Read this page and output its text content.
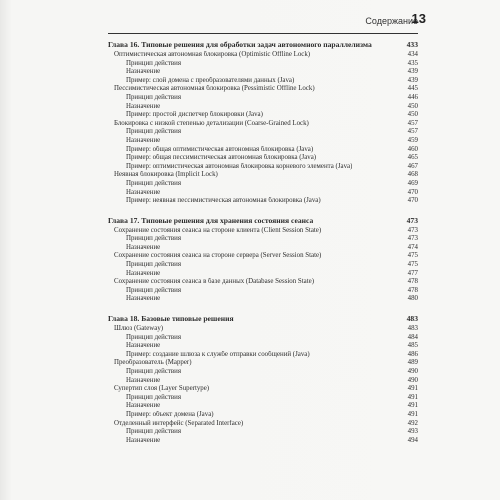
Содержание
13
Глава 16. Типовые решения для обработки задач автономного параллелизма	433
Оптимистическая автономная блокировка (Optimistic Offline Lock)	434
Принцип действия	435
Назначение	439
Пример: слой домена с преобразователями данных (Java)	439
Пессимистическая автономная блокировка (Pessimistic Offline Lock)	445
Принцип действия	446
Назначение	450
Пример: простой диспетчер блокировки (Java)	450
Блокировка с низкой степенью детализации (Coarse-Grained Lock)	457
Принцип действия	457
Назначение	459
Пример: общая оптимистическая автономная блокировка (Java)	460
Пример: общая пессимистическая автономная блокировка (Java)	465
Пример: оптимистическая автономная блокировка корневого элемента (Java)	467
Неявная блокировка (Implicit Lock)	468
Принцип действия	469
Назначение	470
Пример: неявная пессимистическая автономная блокировка (Java)	470
Глава 17. Типовые решения для хранения состояния сеанса	473
Сохранение состояния сеанса на стороне клиента (Client Session State)	473
Принцип действия	473
Назначение	474
Сохранение состояния сеанса на стороне сервера (Server Session State)	475
Принцип действия	475
Назначение	477
Сохранение состояния сеанса в базе данных (Database Session State)	478
Принцип действия	478
Назначение	480
Глава 18. Базовые типовые решения	483
Шлюз (Gateway)	483
Принцип действия	484
Назначение	485
Пример: создание шлюза к службе отправки сообщений (Java)	486
Преобразователь (Mapper)	489
Принцип действия	490
Назначение	490
Супертип слоя (Layer Supertype)	491
Принцип действия	491
Назначение	491
Пример: объект домена (Java)	491
Отделенный интерфейс (Separated Interface)	492
Принцип действия	493
Назначение	494
